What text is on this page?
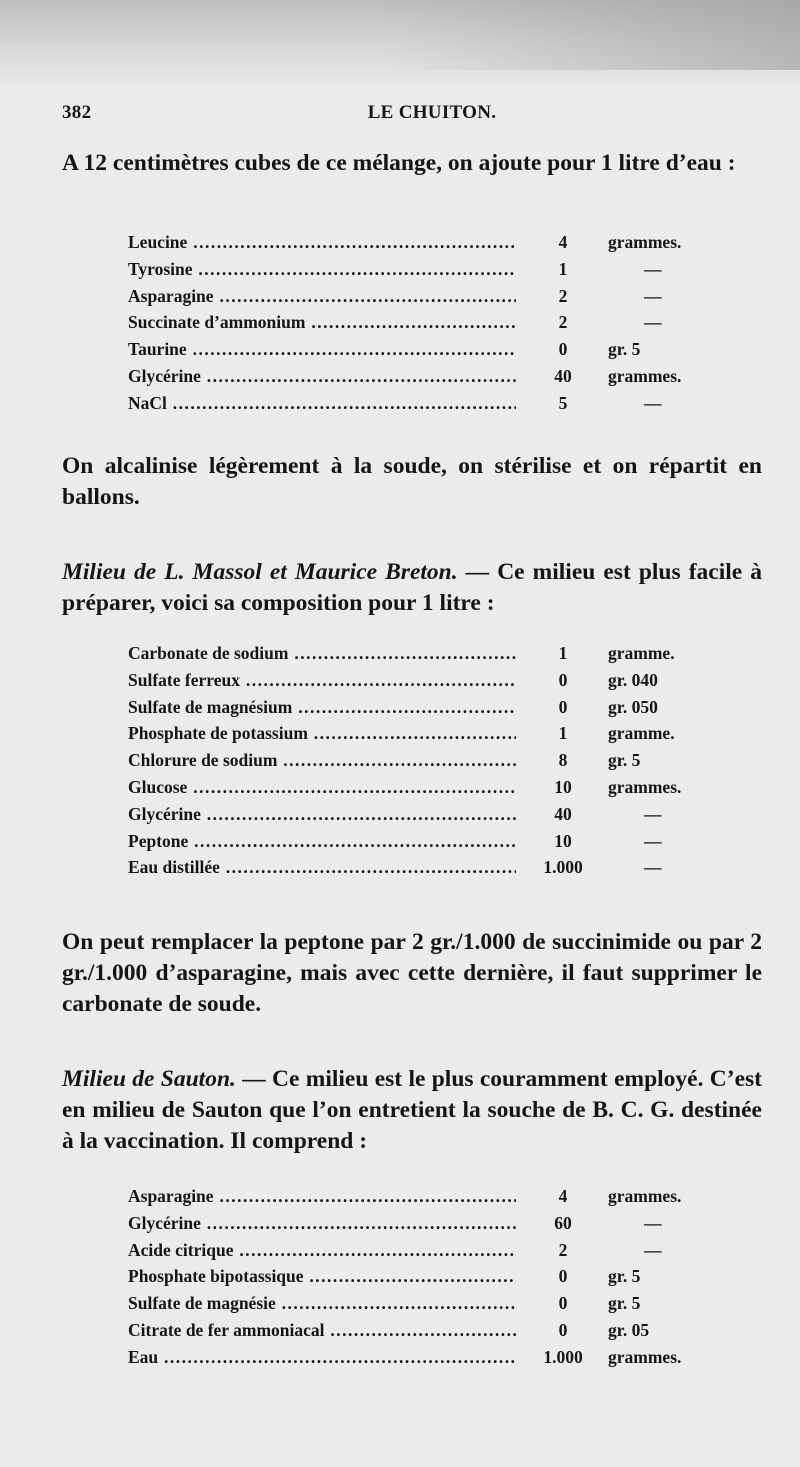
382	LE CHUITON.

A 12 centimètres cubes de ce mélange, on ajoute pour 1 litre d’eau :

Leucine .....	4	grammes.
Tyrosine .....	1	—
Asparagine .....	2	—
Succinate d’ammonium .....	2	—
Taurine .....	0	gr. 5
Glycérine .....	40	grammes.
NaCl .....	5	—

On alcalinise légèrement à la soude, on stérilise et on répartit en ballons.

Milieu de L. Massol et Maurice Breton. — Ce milieu est plus facile à préparer, voici sa composition pour 1 litre :

Carbonate de sodium .....	1	gramme.
Sulfate ferreux .....	0	gr. 040
Sulfate de magnésium .....	0	gr. 050
Phosphate de potassium .....	1	gramme.
Chlorure de sodium .....	8	gr. 5
Glucose .....	10	grammes.
Glycérine .....	40	—
Peptone .....	10	—
Eau distillée .....	1.000	—

On peut remplacer la peptone par 2 gr./1.000 de succinimide ou par 2 gr./1.000 d’asparagine, mais avec cette dernière, il faut supprimer le carbonate de soude.

Milieu de Sauton. — Ce milieu est le plus couramment employé. C’est en milieu de Sauton que l’on entretient la souche de B. C. G. destinée à la vaccination. Il comprend :

Asparagine .....	4	grammes.
Glycérine .....	60	—
Acide citrique .....	2	—
Phosphate bipotassique .....	0	gr. 5
Sulfate de magnésie .....	0	gr. 5
Citrate de fer ammoniacal .....	0	gr. 05
Eau .....	1.000	grammes.
